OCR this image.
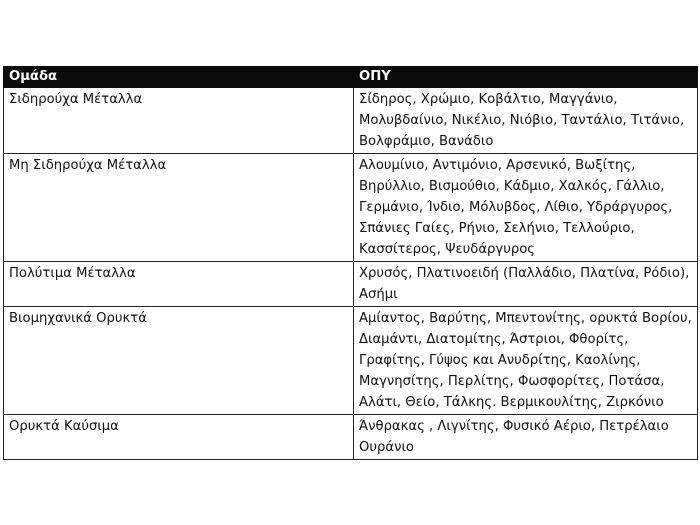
Ομάδα	ΟΠΥ
Σιδηρούχα Μέταλλα	Σίδηρος, Χρώμιο, Κοβάλτιο, Μαγγάνιο, Μολυβδαίνιο, Νικέλιο, Νιόβιο, Ταντάλιο, Τιτάνιο, Βολφράμιο, Βανάδιο
Μη Σιδηρούχα Μέταλλα	Αλουμίνιο, Αντιμόνιο, Αρσενικό, Βωξίτης, Βηρύλλιο, Βισμούθιο, Κάδμιο, Χαλκός, Γάλλιο, Γερμάνιο, Ίνδιο, Μόλυβδος, Λίθιο, Υδράργυρος, Σπάνιες Γαίες, Ρήνιο, Σελήνιο, Τελλούριο, Κασσίτερος, Ψευδάργυρος
Πολύτιμα Μέταλλα	Χρυσός, Πλατινοειδή (Παλλάδιο, Πλατίνα, Ρόδιο), Ασήμι
Βιομηχανικά Ορυκτά	Αμίαντος, Βαρύτης, Μπεντονίτης, ορυκτά Βορίου, Διαμάντι, Διατομίτης, Άστριοι, Φθορίτς, Γραφίτης, Γύψος και Ανυδρίτης, Καολίνης, Μαγνησίτης, Περλίτης, Φωσφορίτες, Ποτάσα, Αλάτι, Θείο, Τάλκης. Βερμικουλίτης, Ζιρκόνιο
Ορυκτά Καύσιμα	Άνθρακας , Λιγνίτης, Φυσικό Αέριο, Πετρέλαιο Ουράνιο
